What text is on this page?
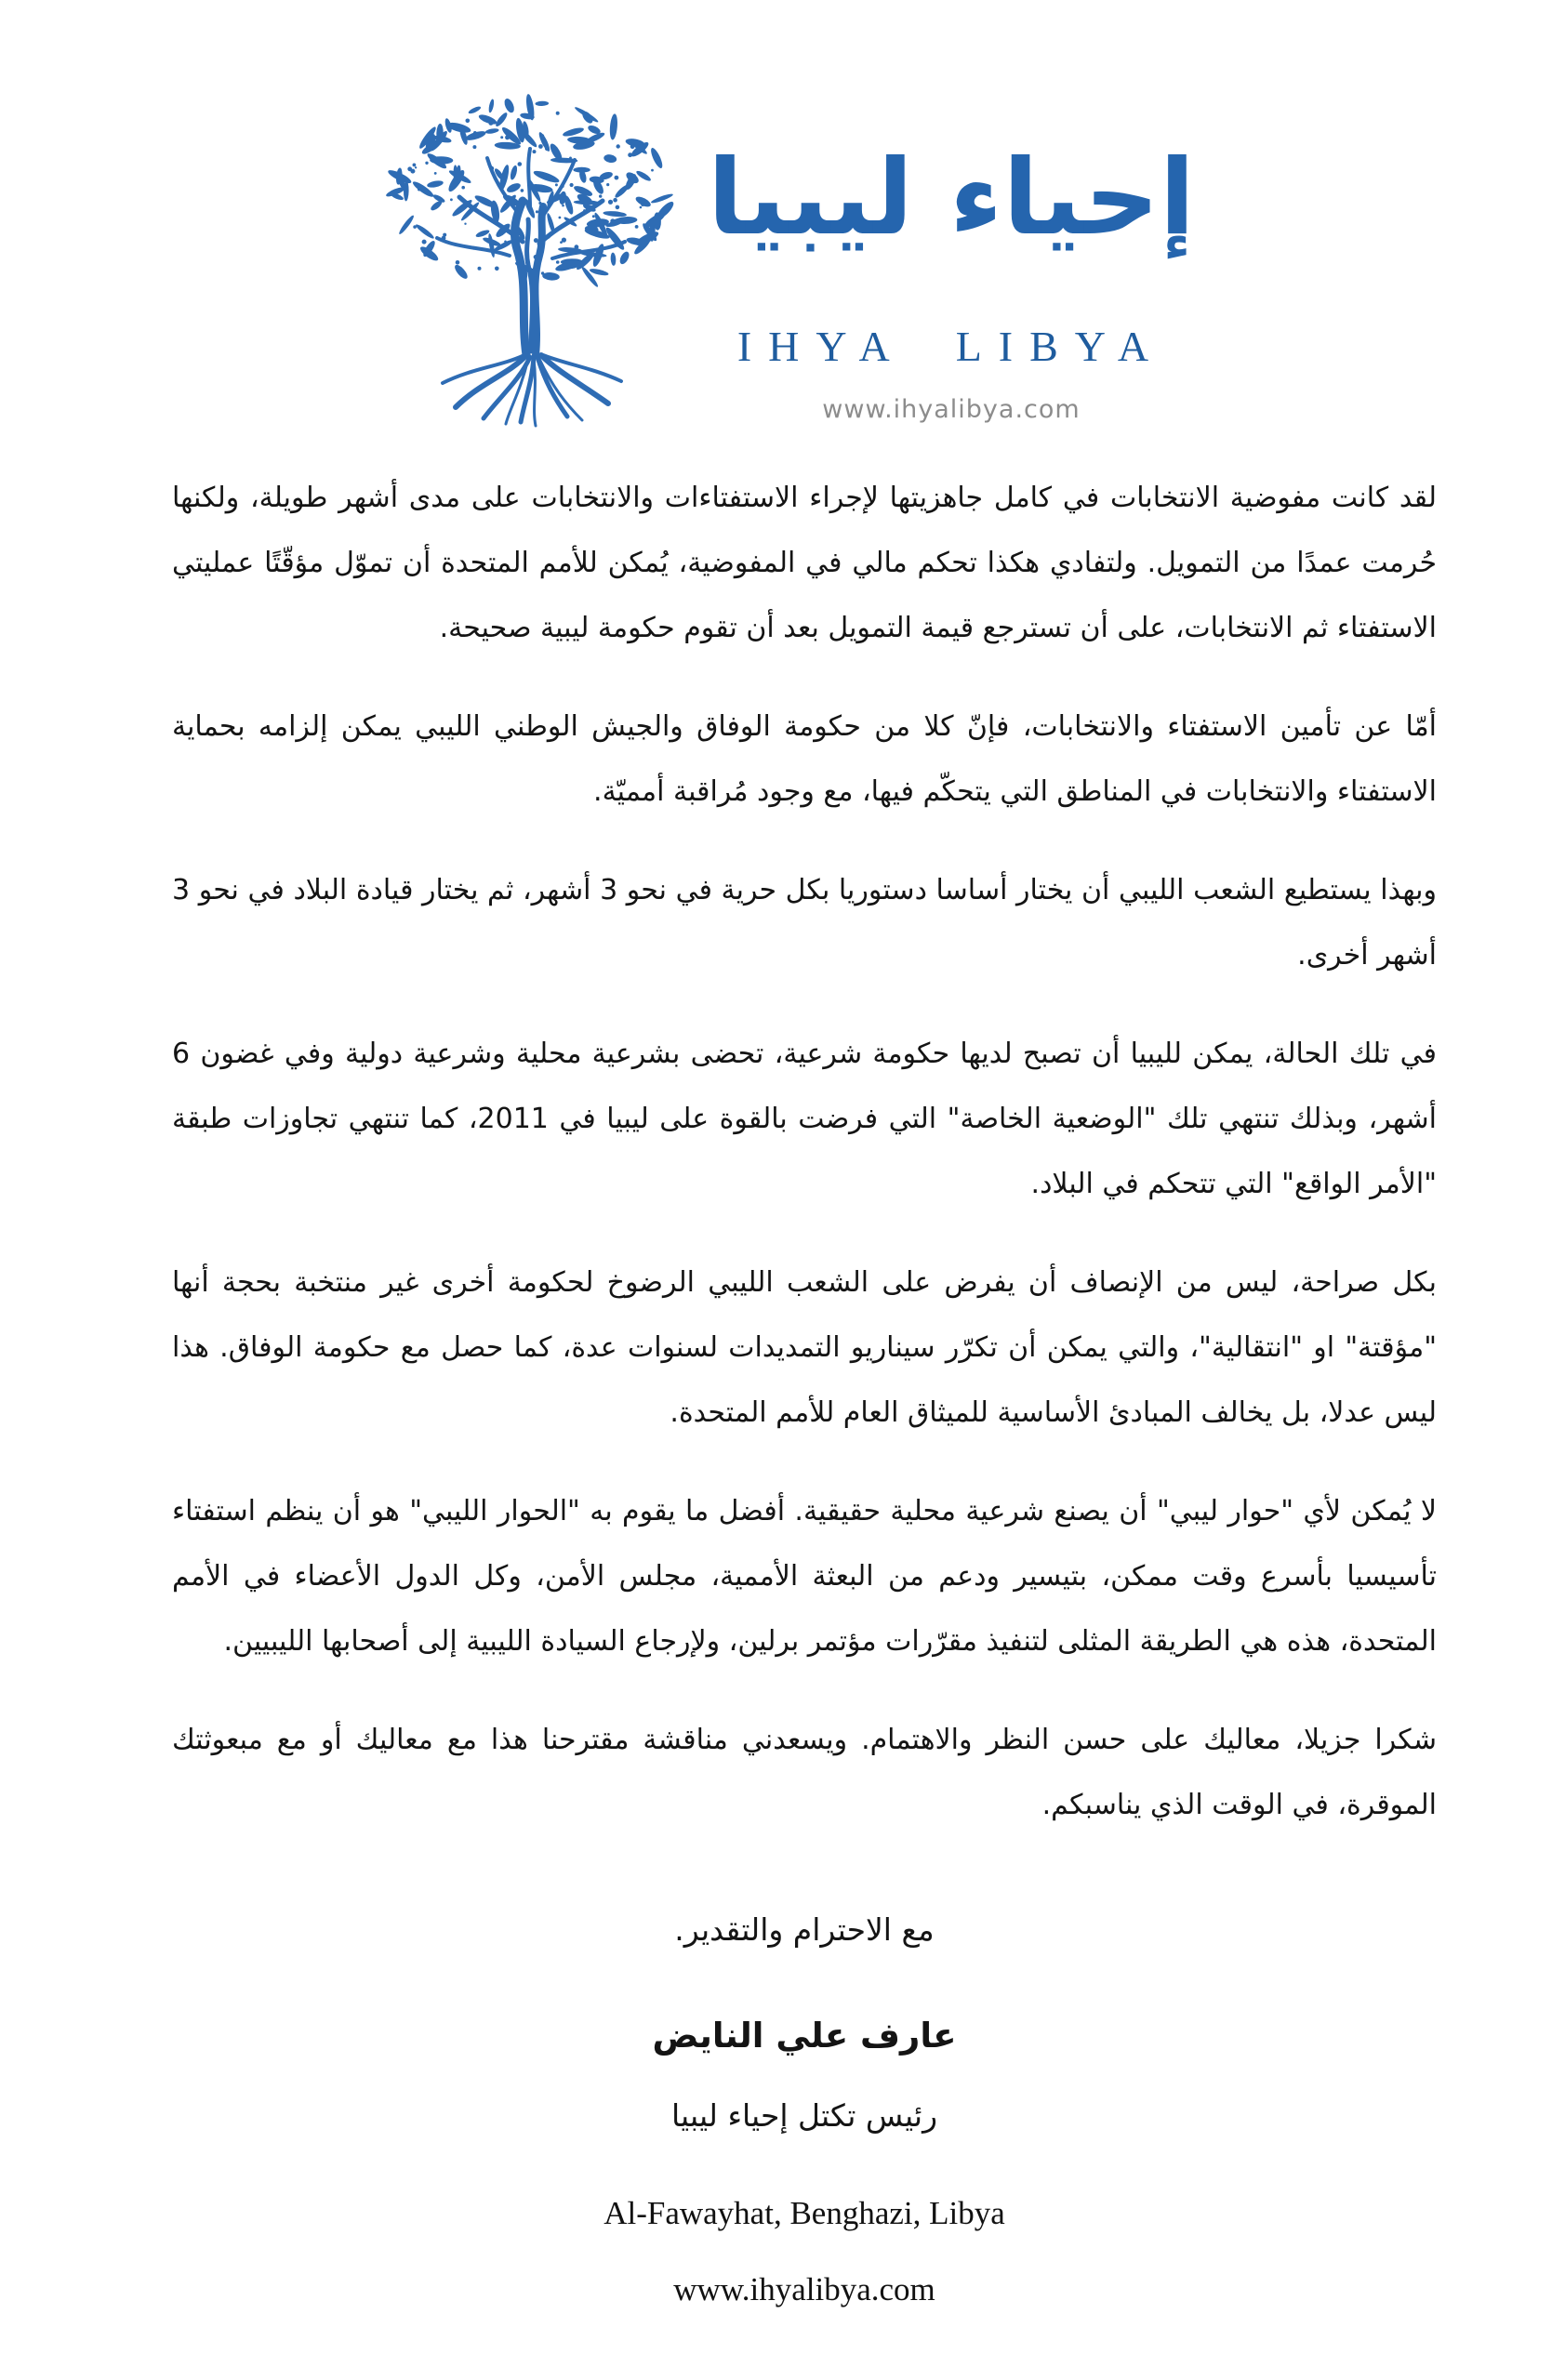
إحياء ليبيا
IHYA LIBYA
www.ihyalibya.com

لقد كانت مفوضية الانتخابات في كامل جاهزيتها لإجراء الاستفتاءات والانتخابات على مدى أشهر طويلة، ولكنها حُرمت عمدًا من التمويل. ولتفادي هكذا تحكم مالي في المفوضية، يُمكن للأمم المتحدة أن تموّل مؤقّتًا عمليتي الاستفتاء ثم الانتخابات، على أن تسترجع قيمة التمويل بعد أن تقوم حكومة ليبية صحيحة.

أمّا عن تأمين الاستفتاء والانتخابات، فإنّ كلا من حكومة الوفاق والجيش الوطني الليبي يمكن إلزامه بحماية الاستفتاء والانتخابات في المناطق التي يتحكّم فيها، مع وجود مُراقبة أمميّة.

وبهذا يستطيع الشعب الليبي أن يختار أساسا دستوريا بكل حرية في نحو 3 أشهر، ثم يختار قيادة البلاد في نحو 3 أشهر أخرى.

في تلك الحالة، يمكن لليبيا أن تصبح لديها حكومة شرعية، تحضى بشرعية محلية وشرعية دولية وفي غضون 6 أشهر، وبذلك تنتهي تلك "الوضعية الخاصة" التي فرضت بالقوة على ليبيا في 2011، كما تنتهي تجاوزات طبقة "الأمر الواقع" التي تتحكم في البلاد.

بكل صراحة، ليس من الإنصاف أن يفرض على الشعب الليبي الرضوخ لحكومة أخرى غير منتخبة بحجة أنها "مؤقتة" او "انتقالية"، والتي يمكن أن تكرّر سيناريو التمديدات لسنوات عدة، كما حصل مع حكومة الوفاق. هذا ليس عدلا، بل يخالف المبادئ الأساسية للميثاق العام للأمم المتحدة.

لا يُمكن لأي "حوار ليبي" أن يصنع شرعية محلية حقيقية. أفضل ما يقوم به "الحوار الليبي" هو أن ينظم استفتاء تأسيسيا بأسرع وقت ممكن، بتيسير ودعم من البعثة الأممية، مجلس الأمن، وكل الدول الأعضاء في الأمم المتحدة، هذه هي الطريقة المثلى لتنفيذ مقرّرات مؤتمر برلين، ولإرجاع السيادة الليبية إلى أصحابها الليبيين.

شكرا جزيلا، معاليك على حسن النظر والاهتمام. ويسعدني مناقشة مقترحنا هذا مع معاليك أو مع مبعوثتك الموقرة، في الوقت الذي يناسبكم.

مع الاحترام والتقدير.

عارف علي النايض

رئيس تكتل إحياء ليبيا

Al-Fawayhat, Benghazi, Libya

www.ihyalibya.com
